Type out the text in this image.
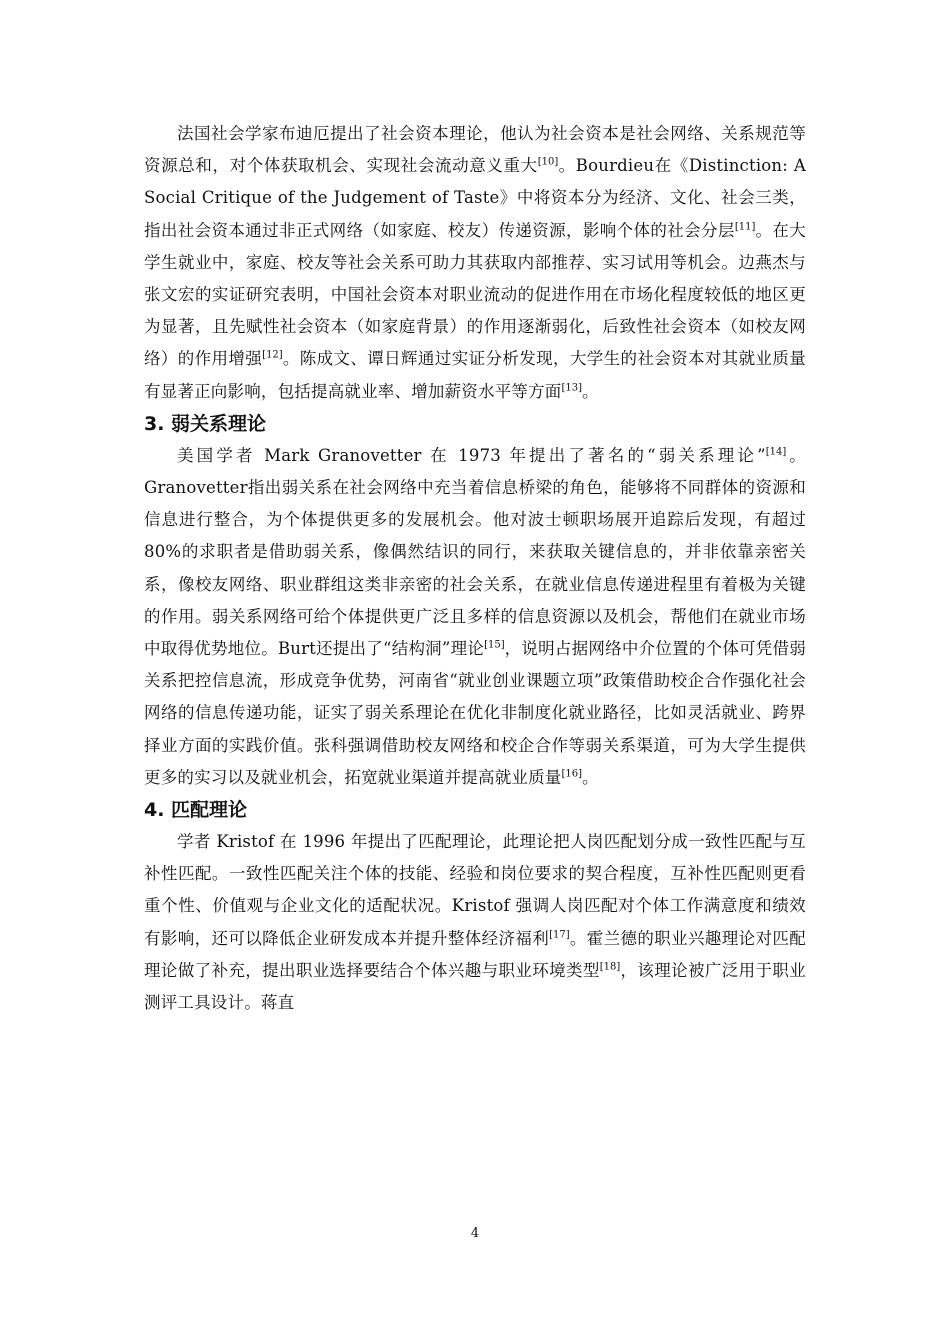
法国社会学家布迪厄提出了社会资本理论，他认为社会资本是社会网络、关系规范等资源总和，对个体获取机会、实现社会流动意义重大[10]。Bourdieu在《Distinction: A Social Critique of the Judgement of Taste》中将资本分为经济、文化、社会三类，指出社会资本通过非正式网络（如家庭、校友）传递资源，影响个体的社会分层[11]。在大学生就业中，家庭、校友等社会关系可助力其获取内部推荐、实习试用等机会。边燕杰与张文宏的实证研究表明，中国社会资本对职业流动的促进作用在市场化程度较低的地区更为显著，且先赋性社会资本（如家庭背景）的作用逐渐弱化，后致性社会资本（如校友网络）的作用增强[12]。陈成文、谭日辉通过实证分析发现，大学生的社会资本对其就业质量有显著正向影响，包括提高就业率、增加薪资水平等方面[13]。

3. 弱关系理论

美国学者 Mark Granovetter 在 1973 年提出了著名的“弱关系理论”[14]。Granovetter指出弱关系在社会网络中充当着信息桥梁的角色，能够将不同群体的资源和信息进行整合，为个体提供更多的发展机会。他对波士顿职场展开追踪后发现，有超过80%的求职者是借助弱关系，像偶然结识的同行，来获取关键信息的，并非依靠亲密关系，像校友网络、职业群组这类非亲密的社会关系，在就业信息传递进程里有着极为关键的作用。弱关系网络可给个体提供更广泛且多样的信息资源以及机会，帮他们在就业市场中取得优势地位。Burt还提出了“结构洞”理论[15]，说明占据网络中介位置的个体可凭借弱关系把控信息流，形成竞争优势，河南省“就业创业课题立项”政策借助校企合作强化社会网络的信息传递功能，证实了弱关系理论在优化非制度化就业路径，比如灵活就业、跨界择业方面的实践价值。张科强调借助校友网络和校企合作等弱关系渠道，可为大学生提供更多的实习以及就业机会，拓宽就业渠道并提高就业质量[16]。

4. 匹配理论

学者 Kristof 在 1996 年提出了匹配理论，此理论把人岗匹配划分成一致性匹配与互补性匹配。一致性匹配关注个体的技能、经验和岗位要求的契合程度，互补性匹配则更看重个性、价值观与企业文化的适配状况。Kristof 强调人岗匹配对个体工作满意度和绩效有影响，还可以降低企业研发成本并提升整体经济福利[17]。霍兰德的职业兴趣理论对匹配理论做了补充，提出职业选择要结合个体兴趣与职业环境类型[18]，该理论被广泛用于职业测评工具设计。蒋直

4
